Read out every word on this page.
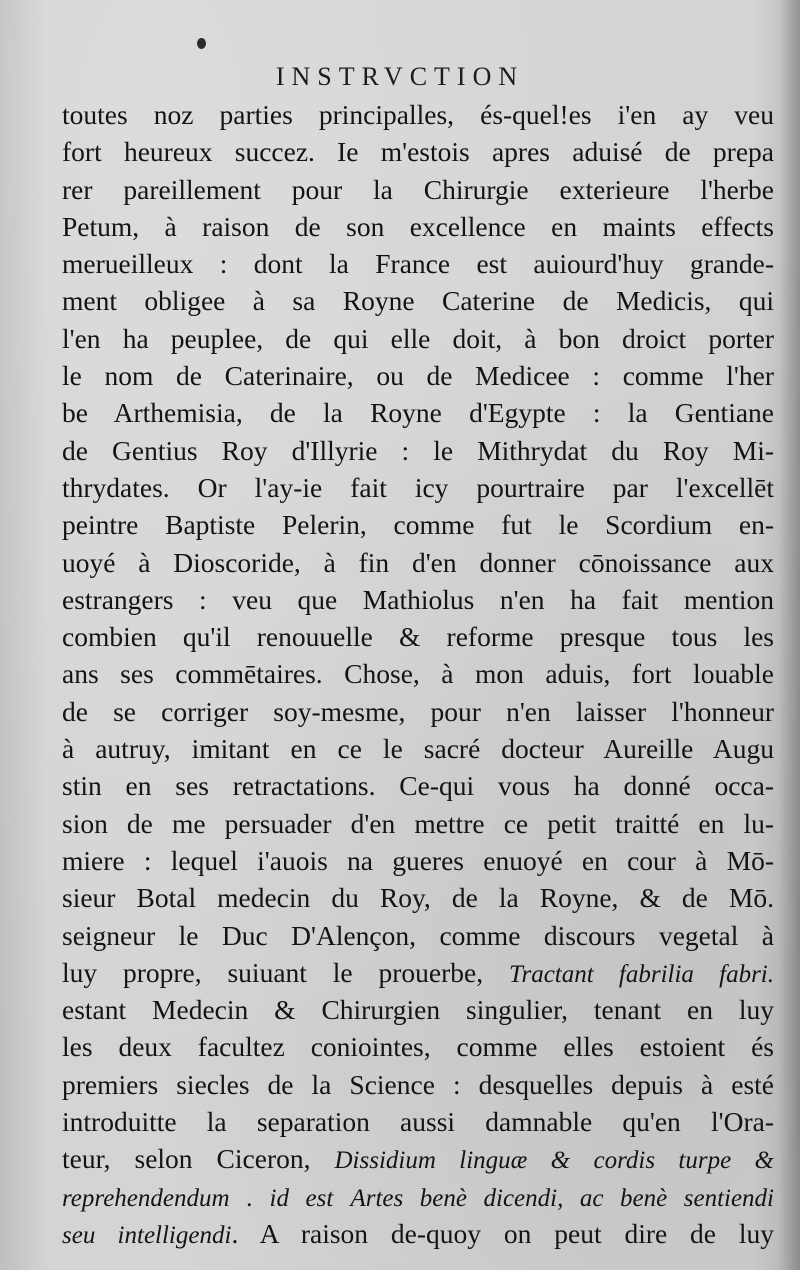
INSTRVCTION
toutes noz parties principalles, és-quel!es i'en ay veu
fort heureux succez. Ie m'estois apres aduisé de prepa
rer pareillement pour la Chirurgie exterieure l'herbe
Petum, à raison de son excellence en maints effects
merueilleux : dont la France est auiourd'huy grande-
ment obligee à sa Royne Caterine de Medicis, qui
l'en ha peuplee, de qui elle doit, à bon droict porter
le nom de Caterinaire, ou de Medicee : comme l'her
be Arthemisia, de la Royne d'Egypte : la Gentiane
de Gentius Roy d'Illyrie : le Mithrydat du Roy Mi-
thrydates. Or l'ay-ie fait icy pourtraire par l'excellēt
peintre Baptiste Pelerin, comme fut le Scordium en-
uoyé à Dioscoride, à fin d'en donner cōnoissance aux
estrangers : veu que Mathiolus n'en ha fait mention
combien qu'il renouuelle & reforme presque tous les
ans ses commētaires. Chose, à mon aduis, fort louable
de se corriger soy-mesme, pour n'en laisser l'honneur
à autruy, imitant en ce le sacré docteur Aureille Augu
stin en ses retractations. Ce-qui vous ha donné occa-
sion de me persuader d'en mettre ce petit traitté en lu-
miere : lequel i'auois na gueres enuoyé en cour à Mō-
sieur Botal medecin du Roy, de la Royne, & de Mō.
seigneur le Duc D'Alençon, comme discours vegetal à
luy propre, suiuant le prouerbe, Tractant fabrilia fabri.
estant Medecin & Chirurgien singulier, tenant en luy
les deux facultez coniointes, comme elles estoient és
premiers siecles de la Science : desquelles depuis à esté
introduitte la separation aussi damnable qu'en l'Ora-
teur, selon Ciceron, Dissidium linguæ & cordis turpe &
reprehendendum . id est Artes benè dicendi, ac benè sentiendi
seu intelligendi. A raison de-quoy on peut dire de luy
